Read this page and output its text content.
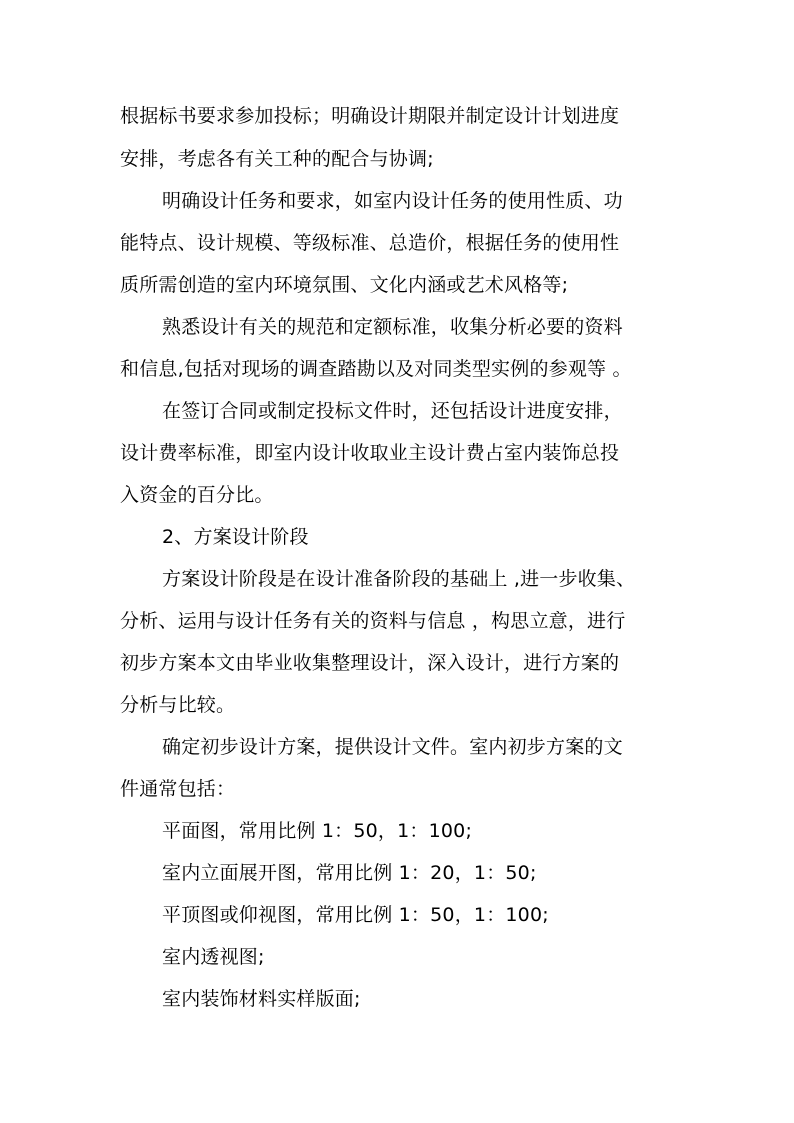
根据标书要求参加投标；明确设计期限并制定设计计划进度
安排，考虑各有关工种的配合与协调;
明确设计任务和要求，如室内设计任务的使用性质、功
能特点、设计规模、等级标准、总造价，根据任务的使用性
质所需创造的室内环境氛围、文化内涵或艺术风格等;
熟悉设计有关的规范和定额标准，收集分析必要的资料
和信息,包括对现场的调查踏勘以及对同类型实例的参观等 。
在签订合同或制定投标文件时，还包括设计进度安排，
设计费率标准，即室内设计收取业主设计费占室内装饰总投
入资金的百分比。
2、方案设计阶段
方案设计阶段是在设计准备阶段的基础上 ,进一步收集、
分析、运用与设计任务有关的资料与信息 ，构思立意，进行
初步方案本文由毕业收集整理设计，深入设计，进行方案的
分析与比较。
确定初步设计方案，提供设计文件。室内初步方案的文
件通常包括：
平面图，常用比例 1：50，1：100;
室内立面展开图，常用比例 1：20，1：50;
平顶图或仰视图，常用比例 1：50，1：100;
室内透视图;
室内装饰材料实样版面;
